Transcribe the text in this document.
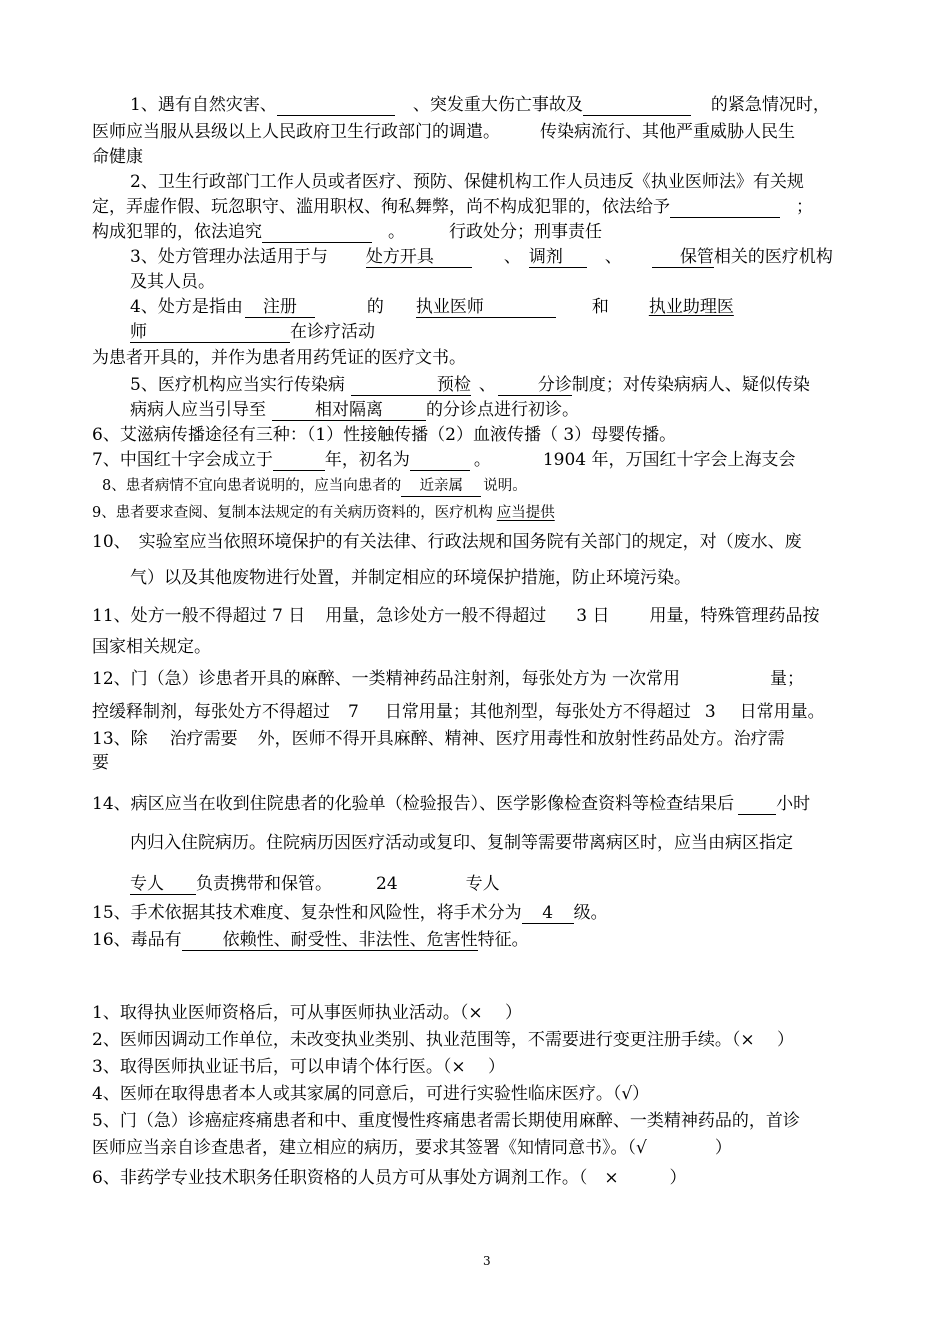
1、遇有自然灾害、	、突发重大伤亡事故及	的紧急情况时，
医师应当服从县级以上人民政府卫生行政部门的调遣。 传染病流行、其他严重威胁人民生
命健康
2、卫生行政部门工作人员或者医疗、预防、保健机构工作人员违反《执业医师法》有关规
定，弄虚作假、玩忽职守、滥用职权、徇私舞弊，尚不构成犯罪的，依法给予	；
构成犯罪的，依法追究	。	行政处分；刑事责任
3、处方管理办法适用于与 处方开具	、 调剂 、	保管相关的医疗机构
及其人员。
4、处方是指由 注册	的 执业医师	和 执业助理医
师	在诊疗活动
为患者开具的，并作为患者用药凭证的医疗文书。
5、医疗机构应当实行传染病	预检 、 分诊制度；对传染病病人、疑似传染
病病人应当引导至	相对隔离	的分诊点进行初诊。
6、艾滋病传播途径有三种：（1）性接触传播（2）血液传播（ 3）母婴传播。
7、中国红十字会成立于	年，初名为	。	1904 年，万国红十字会上海支会
8、患者病情不宜向患者说明的，应当向患者的 近亲属 说明。
9、患者要求查阅、复制本法规定的有关病历资料的，医疗机构 应当提供
10、 实验室应当依照环境保护的有关法律、行政法规和国务院有关部门的规定，对（废水、废
气）以及其他废物进行处置，并制定相应的环境保护措施，防止环境污染。
11、处方一般不得超过 7 日 用量，急诊处方一般不得超过 3 日 用量，特殊管理药品按
国家相关规定。
12、门（急）诊患者开具的麻醉、一类精神药品注射剂，每张处方为 一次常用	量；
控缓释制剂，每张处方不得超过 7 日常用量；其他剂型，每张处方不得超过 3 日常用量。
13、除 治疗需要 外，医师不得开具麻醉、精神、医疗用毒性和放射性药品处方。治疗需
要
14、病区应当在收到住院患者的化验单（检验报告）、医学影像检查资料等检查结果后 小时
内归入住院病历。住院病历因医疗活动或复印、复制等需要带离病区时，应当由病区指定
专人 负责携带和保管。	24	专人
15、手术依据其技术难度、复杂性和风险性，将手术分为 4 级。
16、毒品有 依赖性、耐受性、非法性、危害性特征。
1、取得执业医师资格后，可从事医师执业活动。（×　 ）
2、医师因调动工作单位，未改变执业类别、执业范围等，不需要进行变更注册手续。（×　 ）
3、取得医师执业证书后，可以申请个体行医。（×　 ）
4、医师在取得患者本人或其家属的同意后，可进行实验性临床医疗。（√）
5、门（急）诊癌症疼痛患者和中、重度慢性疼痛患者需长期使用麻醉、一类精神药品的，首诊
医师应当亲自诊查患者，建立相应的病历，要求其签署《知情同意书》。（√　　　　）
6、非药学专业技术职务任职资格的人员方可从事处方调剂工作。（　×　　　）
3
